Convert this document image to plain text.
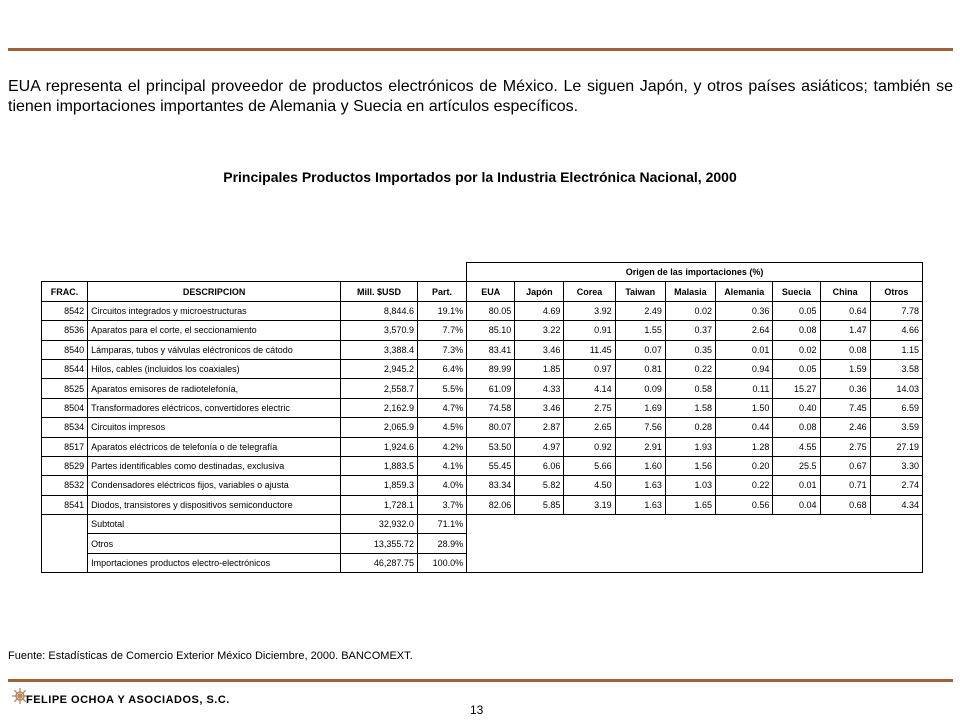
EUA representa el principal proveedor de productos electrónicos de México. Le siguen Japón, y otros países asiáticos; también se tienen importaciones importantes de Alemania y Suecia en artículos específicos.
Principales Productos Importados por la Industria Electrónica Nacional, 2000
				Origen de las importaciones (%)								
FRAC.	DESCRIPCION	Mill. $USD	Part.	EUA	Japón	Corea	Taiwan	Malasia	Alemania	Suecia	China	Otros
8542	Circuitos integrados y microestructuras	8,844.6	19.1%	80.05	4.69	3.92	2.49	0.02	0.36	0.05	0.64	7.78
8536	Aparatos para el corte, el seccionamiento	3,570.9	7.7%	85.10	3.22	0.91	1.55	0.37	2.64	0.08	1.47	4.66
8540	Lámparas, tubos y válvulas eléctronicos de cátodo	3,388.4	7.3%	83.41	3.46	11.45	0.07	0.35	0.01	0.02	0.08	1.15
8544	Hilos, cables (incluidos los coaxiales)	2,945.2	6.4%	89.99	1.85	0.97	0.81	0.22	0.94	0.05	1.59	3.58
8525	Aparatos emisores de radiotelefonía,	2,558.7	5.5%	61.09	4.33	4.14	0.09	0.58	0.11	15.27	0.36	14.03
8504	Transformadores eléctricos, convertidores electric	2,162.9	4.7%	74.58	3.46	2.75	1.69	1.58	1.50	0.40	7.45	6.59
8534	Circuitos impresos	2,065.9	4.5%	80.07	2.87	2.65	7.56	0.28	0.44	0.08	2.46	3.59
8517	Aparatos eléctricos de telefonía o de telegrafía	1,924.6	4.2%	53.50	4.97	0.92	2.91	1.93	1.28	4.55	2.75	27.19
8529	Partes identificables como destinadas, exclusiva	1,883.5	4.1%	55.45	6.06	5.66	1.60	1.56	0.20	25.5	0.67	3.30
8532	Condensadores eléctricos fijos, variables o ajusta	1,859.3	4.0%	83.34	5.82	4.50	1.63	1.03	0.22	0.01	0.71	2.74
8541	Diodos, transistores y dispositivos semiconductore	1,728.1	3.7%	82.06	5.85	3.19	1.63	1.65	0.56	0.04	0.68	4.34
	Subtotal	32,932.0	71.1%									
	Otros	13,355.72	28.9%									
	Importaciones productos electro-electrónicos	46,287.75	100.0%									
Fuente: Estadísticas de Comercio Exterior México Diciembre, 2000. BANCOMEXT.
FELIPE OCHOA Y ASOCIADOS, S.C.
13
